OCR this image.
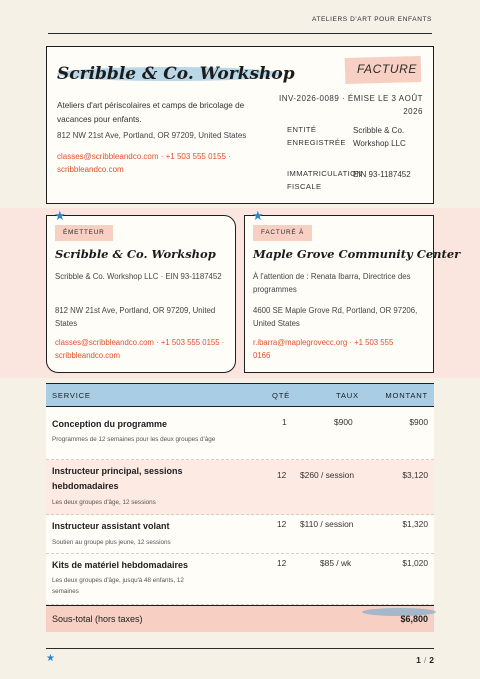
ATELIERS D'ART POUR ENFANTS
Scribble & Co. Workshop
Ateliers d'art périscolaires et camps de bricolage de vacances pour enfants.
812 NW 21st Ave, Portland, OR 97209, United States
classes@scribbleandco.com · +1 503 555 0155 · scribbleandco.com
FACTURE
INV-2026-0089 · ÉMISE LE 3 AOÛT 2026
ENTITÉ ENREGISTRÉE
Scribble & Co. Workshop LLC
IMMATRICULATION FISCALE
EIN 93-1187452
ÉMETTEUR
Scribble & Co. Workshop
Scribble & Co. Workshop LLC · EIN 93-1187452
812 NW 21st Ave, Portland, OR 97209, United States
classes@scribbleandco.com · +1 503 555 0155 · scribbleandco.com
★
FACTURÉ À
Maple Grove Community Center
À l'attention de : Renata Ibarra, Directrice des programmes
4600 SE Maple Grove Rd, Portland, OR 97206, United States
r.ibarra@maplegrovecc.org · +1 503 555 0166
★
SERVICE	QTÉ	TAUX	MONTANT
Conception du programme
Programmes de 12 semaines pour les deux groupes d'âge
1	$900	$900
Instructeur principal, sessions hebdomadaires
Les deux groupes d'âge, 12 sessions
12 $260 / session	$3,120
Instructeur assistant volant
Soutien au groupe plus jeune, 12 sessions
12 $110 / session	$1,320
Kits de matériel hebdomadaires
Les deux groupes d'âge, jusqu'à 48 enfants, 12 semaines
12	$85 / wk	$1,020
Sous-total (hors taxes)	$6,800
★	1 / 2
